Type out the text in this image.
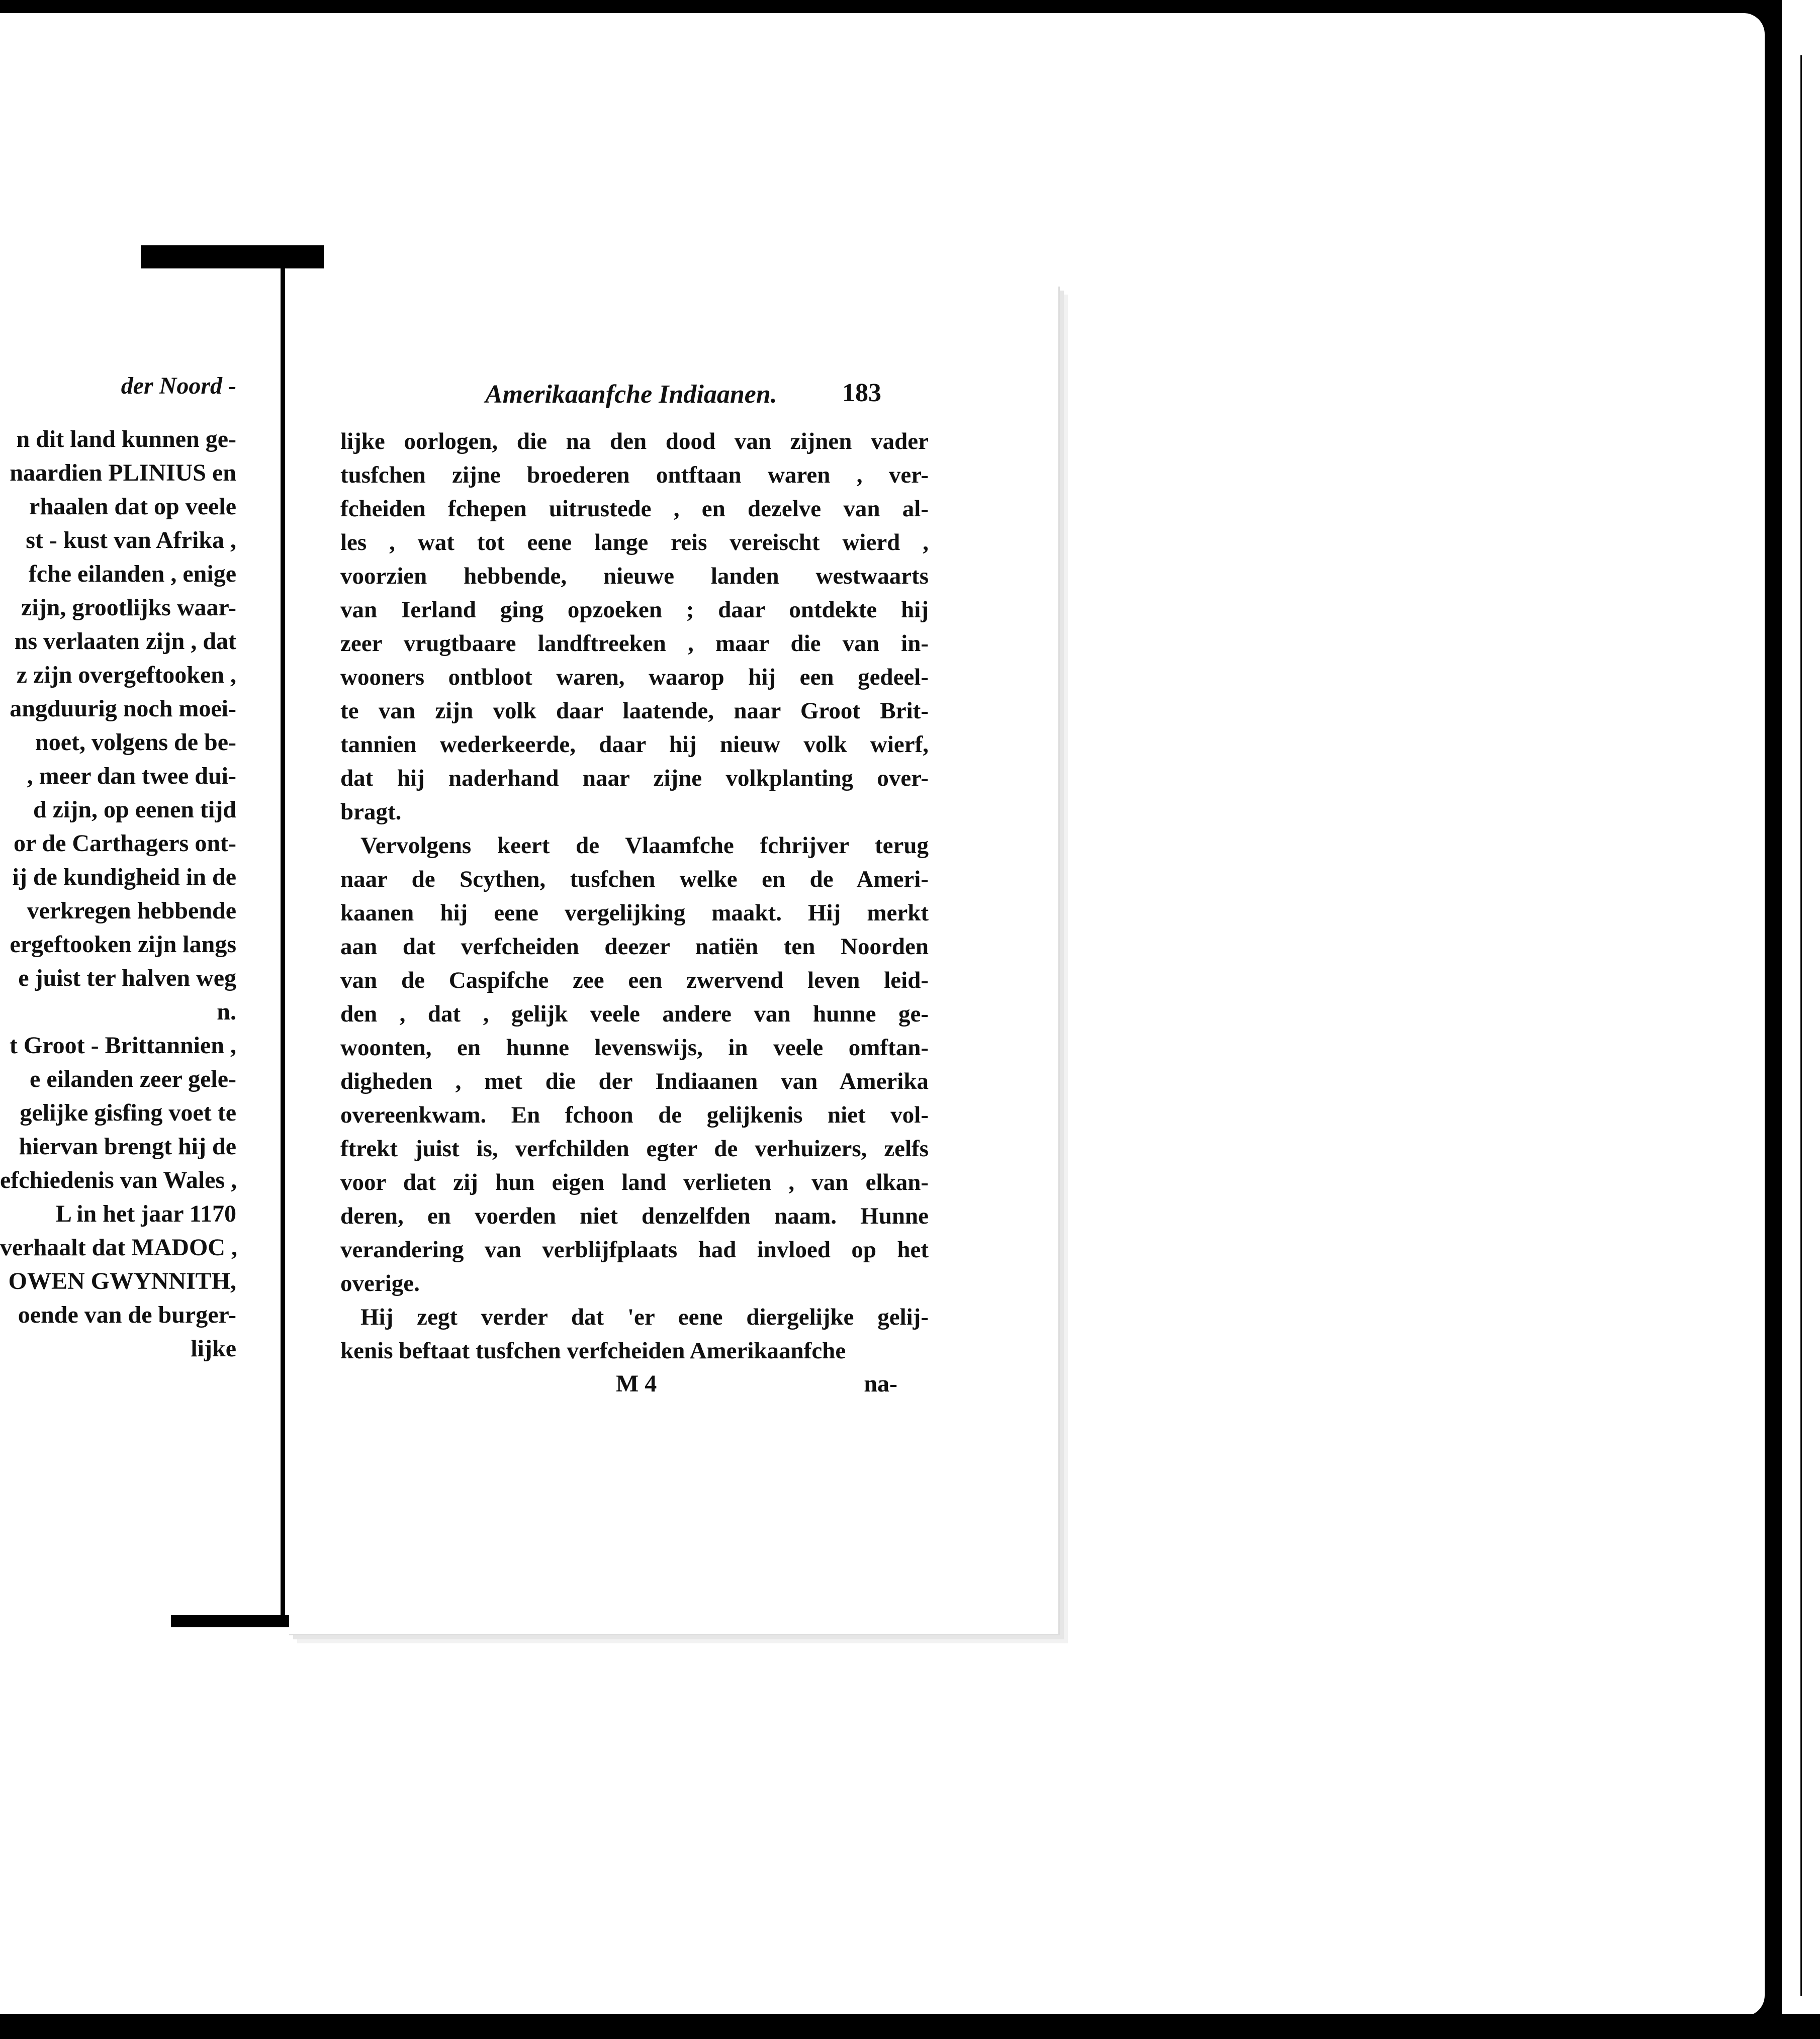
der Noord -
n dit land kunnen ge-
naardien PLINIUS en
rhaalen dat op veele
st - kust van Afrika ,
fche eilanden , enige
zijn, grootlijks waar-
ns verlaaten zijn , dat
z zijn overgeftooken ,
angduurig noch moei-
noet, volgens de be-
, meer dan twee dui-
d zijn, op eenen tijd
or de Carthagers ont-
ij de kundigheid in de
verkregen hebbende
ergeftooken zijn langs
e juist ter halven weg
n.
t Groot - Brittannien ,
e eilanden zeer gele-
gelijke gisfing voet te
hiervan brengt hij de
efchiedenis van Wales ,
L in het jaar 1170
verhaalt dat MADOC ,
OWEN GWYNNITH,
oende van de burger-
lijke
Amerikaanfche Indiaanen. 183
lijke oorlogen, die na den dood van zijnen vader
tusfchen zijne broederen ontftaan waren , ver-
fcheiden fchepen uitrustede , en dezelve van al-
les , wat tot eene lange reis vereischt wierd ,
voorzien hebbende, nieuwe landen westwaarts
van Ierland ging opzoeken ; daar ontdekte hij
zeer vrugtbaare landftreeken , maar die van in-
wooners ontbloot waren, waarop hij een gedeel-
te van zijn volk daar laatende, naar Groot Brit-
tannien wederkeerde, daar hij nieuw volk wierf,
dat hij naderhand naar zijne volkplanting over-
bragt.
Vervolgens keert de Vlaamfche fchrijver terug
naar de Scythen, tusfchen welke en de Ameri-
kaanen hij eene vergelijking maakt. Hij merkt
aan dat verfcheiden deezer natiën ten Noorden
van de Caspifche zee een zwervend leven leid-
den , dat , gelijk veele andere van hunne ge-
woonten, en hunne levenswijs, in veele omftan-
digheden , met die der Indiaanen van Amerika
overeenkwam. En fchoon de gelijkenis niet vol-
ftrekt juist is, verfchilden egter de verhuizers, zelfs
voor dat zij hun eigen land verlieten , van elkan-
deren, en voerden niet denzelfden naam. Hunne
verandering van verblijfplaats had invloed op het
overige.
Hij zegt verder dat 'er eene diergelijke gelij-
kenis beftaat tusfchen verfcheiden Amerikaanfche
M 4	na-
